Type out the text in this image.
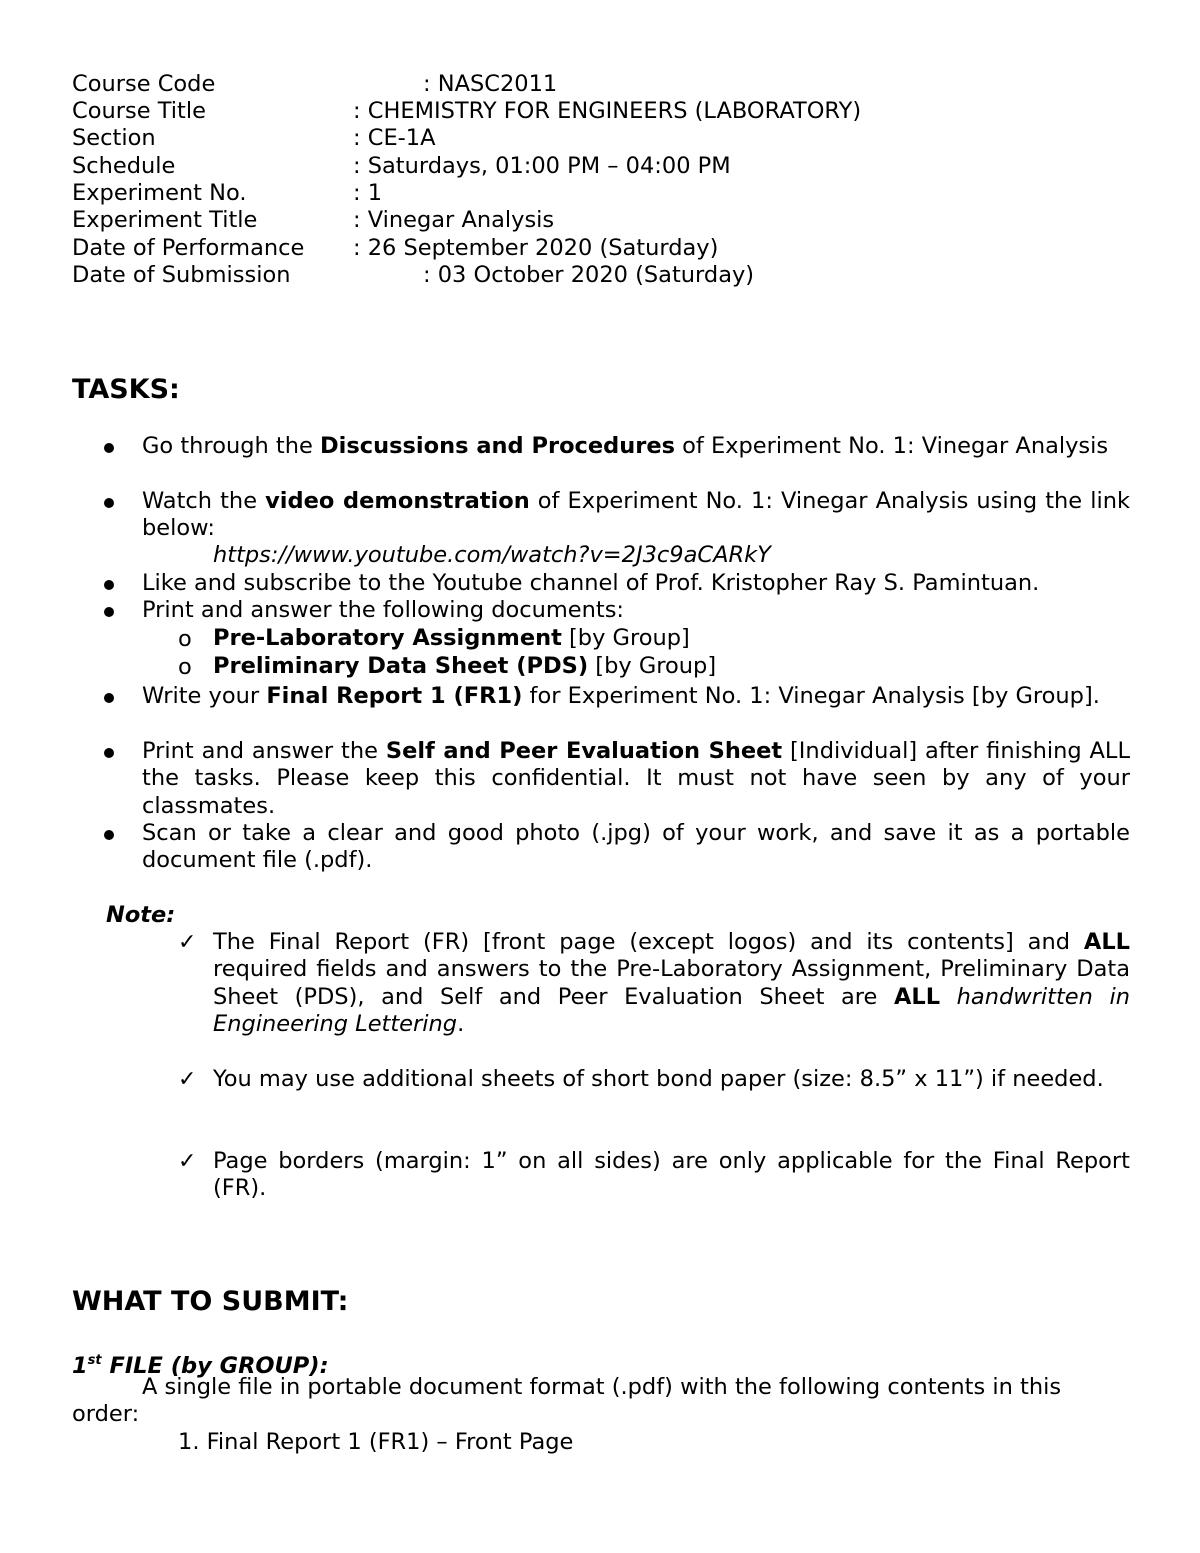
Course Code	: NASC2011
Course Title	: CHEMISTRY FOR ENGINEERS (LABORATORY)
Section	: CE-1A
Schedule	: Saturdays, 01:00 PM – 04:00 PM
Experiment No.	: 1
Experiment Title	: Vinegar Analysis
Date of Performance : 26 September 2020 (Saturday)
Date of Submission	: 03 October 2020 (Saturday)
TASKS:
Go through the Discussions and Procedures of Experiment No. 1: Vinegar Analysis
Watch the video demonstration of Experiment No. 1: Vinegar Analysis using the link below:
https://www.youtube.com/watch?v=2J3c9aCARkY
Like and subscribe to the Youtube channel of Prof. Kristopher Ray S. Pamintuan.
Print and answer the following documents:
o Pre-Laboratory Assignment [by Group]
o Preliminary Data Sheet (PDS) [by Group]
Write your Final Report 1 (FR1) for Experiment No. 1: Vinegar Analysis [by Group].
Print and answer the Self and Peer Evaluation Sheet [Individual] after finishing ALL the tasks. Please keep this confidential. It must not have seen by any of your classmates.
Scan or take a clear and good photo (.jpg) of your work, and save it as a portable document file (.pdf).
Note:
✓ The Final Report (FR) [front page (except logos) and its contents] and ALL required fields and answers to the Pre-Laboratory Assignment, Preliminary Data Sheet (PDS), and Self and Peer Evaluation Sheet are ALL handwritten in Engineering Lettering.
✓ You may use additional sheets of short bond paper (size: 8.5” x 11”) if needed.
✓ Page borders (margin: 1” on all sides) are only applicable for the Final Report (FR).
WHAT TO SUBMIT:
1st FILE (by GROUP):
A single file in portable document format (.pdf) with the following contents in this order:
1. Final Report 1 (FR1) – Front Page
